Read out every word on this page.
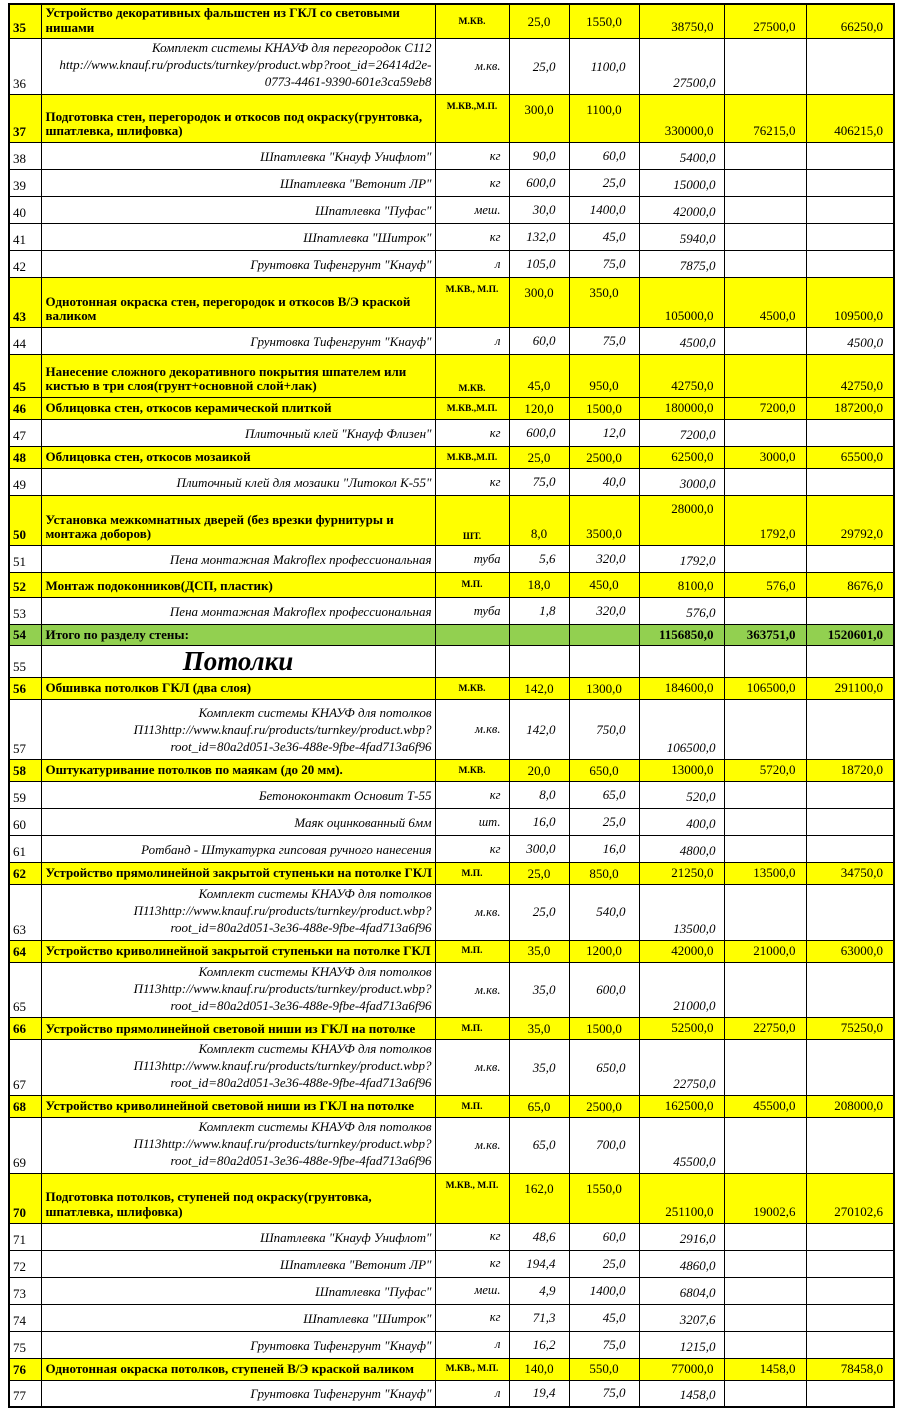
35	Устройство декоративных фальшстен из ГКЛ со световыми нишами	М.КВ.	25,0	1550,0	38750,0	27500,0	66250,0
36	Комплект системы КНАУФ для перегородок С112 http://www.knauf.ru/products/turnkey/product.wbp?root_id=26414d2e-0773-4461-9390-601e3ca59eb8	м.кв.	25,0	1100,0	27500,0		
37	Подготовка стен, перегородок и откосов под окраску(грунтовка, шпатлевка, шлифовка)	М.КВ.,М.П.	300,0	1100,0	330000,0	76215,0	406215,0
38	Шпатлевка "Кнауф Унифлот"	кг	90,0	60,0	5400,0		
39	Шпатлевка "Ветонит ЛР"	кг	600,0	25,0	15000,0		
40	Шпатлевка "Пуфас"	меш.	30,0	1400,0	42000,0		
41	Шпатлевка "Шитрок"	кг	132,0	45,0	5940,0		
42	Грунтовка Тифенгрунт "Кнауф"	л	105,0	75,0	7875,0		
43	Однотонная окраска стен, перегородок и откосов В/Э краской валиком	М.КВ., М.П.	300,0	350,0	105000,0	4500,0	109500,0
44	Грунтовка Тифенгрунт "Кнауф"	л	60,0	75,0	4500,0		4500,0
45	Нанесение сложного декоративного покрытия шпателем или кистью в три слоя(грунт+основной слой+лак)	М.КВ.	45,0	950,0	42750,0		42750,0
46	Облицовка стен, откосов керамической плиткой	М.КВ.,М.П.	120,0	1500,0	180000,0	7200,0	187200,0
47	Плиточный клей "Кнауф Флизен"	кг	600,0	12,0	7200,0		
48	Облицовка стен, откосов мозаикой	М.КВ.,М.П.	25,0	2500,0	62500,0	3000,0	65500,0
49	Плиточный клей для мозаики "Литокол К-55"	кг	75,0	40,0	3000,0		
50	Установка межкомнатных дверей (без врезки фурнитуры и монтажа доборов)	ШТ.	8,0	3500,0	28000,0	1792,0	29792,0
51	Пена монтажная Makroflex профессиональная	туба	5,6	320,0	1792,0		
52	Монтаж подоконников(ДСП, пластик)	М.П.	18,0	450,0	8100,0	576,0	8676,0
53	Пена монтажная Makroflex профессиональная	туба	1,8	320,0	576,0		
54	Итого по разделу стены:				1156850,0	363751,0	1520601,0
55	Потолки						
56	Обшивка потолков ГКЛ (два слоя)	М.КВ.	142,0	1300,0	184600,0	106500,0	291100,0
57	Комплект системы КНАУФ для потолков П113http://www.knauf.ru/products/turnkey/product.wbp?root_id=80a2d051-3e36-488e-9fbe-4fad713a6f96	м.кв.	142,0	750,0	106500,0		
58	Оштукатуривание потолков по маякам (до 20 мм).	М.КВ.	20,0	650,0	13000,0	5720,0	18720,0
59	Бетоноконтакт Основит Т-55	кг	8,0	65,0	520,0		
60	Маяк оцинкованный 6мм	шт.	16,0	25,0	400,0		
61	Ротбанд - Штукатурка гипсовая ручного нанесения	кг	300,0	16,0	4800,0		
62	Устройство прямолинейной закрытой ступеньки на потолке ГКЛ	М.П.	25,0	850,0	21250,0	13500,0	34750,0
63	Комплект системы КНАУФ для потолков П113http://www.knauf.ru/products/turnkey/product.wbp?root_id=80a2d051-3e36-488e-9fbe-4fad713a6f96	м.кв.	25,0	540,0	13500,0		
64	Устройство криволинейной закрытой ступеньки на потолке ГКЛ	М.П.	35,0	1200,0	42000,0	21000,0	63000,0
65	Комплект системы КНАУФ для потолков П113http://www.knauf.ru/products/turnkey/product.wbp?root_id=80a2d051-3e36-488e-9fbe-4fad713a6f96	м.кв.	35,0	600,0	21000,0		
66	Устройство прямолинейной световой ниши из ГКЛ на потолке	М.П.	35,0	1500,0	52500,0	22750,0	75250,0
67	Комплект системы КНАУФ для потолков П113http://www.knauf.ru/products/turnkey/product.wbp?root_id=80a2d051-3e36-488e-9fbe-4fad713a6f96	м.кв.	35,0	650,0	22750,0		
68	Устройство криволинейной световой ниши из ГКЛ на потолке	М.П.	65,0	2500,0	162500,0	45500,0	208000,0
69	Комплект системы КНАУФ для потолков П113http://www.knauf.ru/products/turnkey/product.wbp?root_id=80a2d051-3e36-488e-9fbe-4fad713a6f96	м.кв.	65,0	700,0	45500,0		
70	Подготовка потолков, ступеней под окраску(грунтовка, шпатлевка, шлифовка)	М.КВ., М.П.	162,0	1550,0	251100,0	19002,6	270102,6
71	Шпатлевка "Кнауф Унифлот"	кг	48,6	60,0	2916,0		
72	Шпатлевка "Ветонит ЛР"	кг	194,4	25,0	4860,0		
73	Шпатлевка "Пуфас"	меш.	4,9	1400,0	6804,0		
74	Шпатлевка "Шитрок"	кг	71,3	45,0	3207,6		
75	Грунтовка Тифенгрунт "Кнауф"	л	16,2	75,0	1215,0		
76	Однотонная окраска потолков, ступеней В/Э краской валиком	М.КВ., М.П.	140,0	550,0	77000,0	1458,0	78458,0
77	Грунтовка Тифенгрунт "Кнауф"	л	19,4	75,0	1458,0		
